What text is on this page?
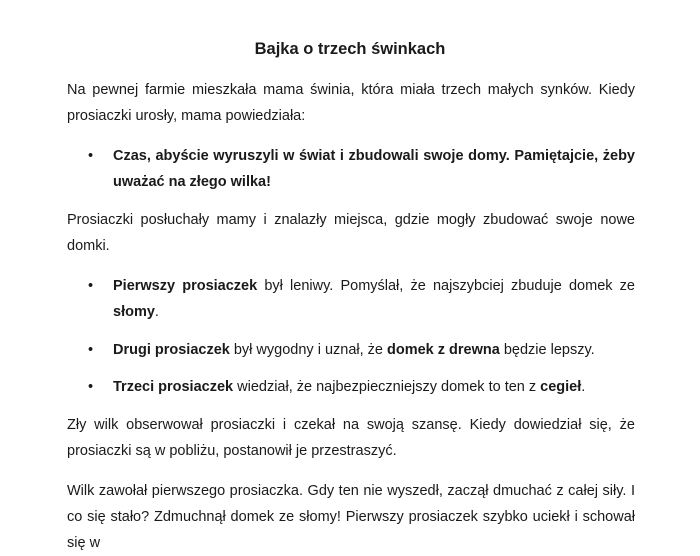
Bajka o trzech świnkach

Na pewnej farmie mieszkała mama świnia, która miała trzech małych synków. Kiedy prosiaczki urosły, mama powiedziała:

•	Czas, abyście wyruszyli w świat i zbudowali swoje domy. Pamiętajcie, żeby uważać na złego wilka!

Prosiaczki posłuchały mamy i znalazły miejsca, gdzie mogły zbudować swoje nowe domki.

•	Pierwszy prosiaczek był leniwy. Pomyślał, że najszybciej zbuduje domek ze słomy.
•	Drugi prosiaczek był wygodny i uznał, że domek z drewna będzie lepszy.
•	Trzeci prosiaczek wiedział, że najbezpieczniejszy domek to ten z cegieł.

Zły wilk obserwował prosiaczki i czekał na swoją szansę. Kiedy dowiedział się, że prosiaczki są w pobliżu, postanowił je przestraszyć.

Wilk zawołał pierwszego prosiaczka. Gdy ten nie wyszedł, zaczął dmuchać z całej siły. I co się stało? Zdmuchnął domek ze słomy! Pierwszy prosiaczek szybko uciekł i schował się w
